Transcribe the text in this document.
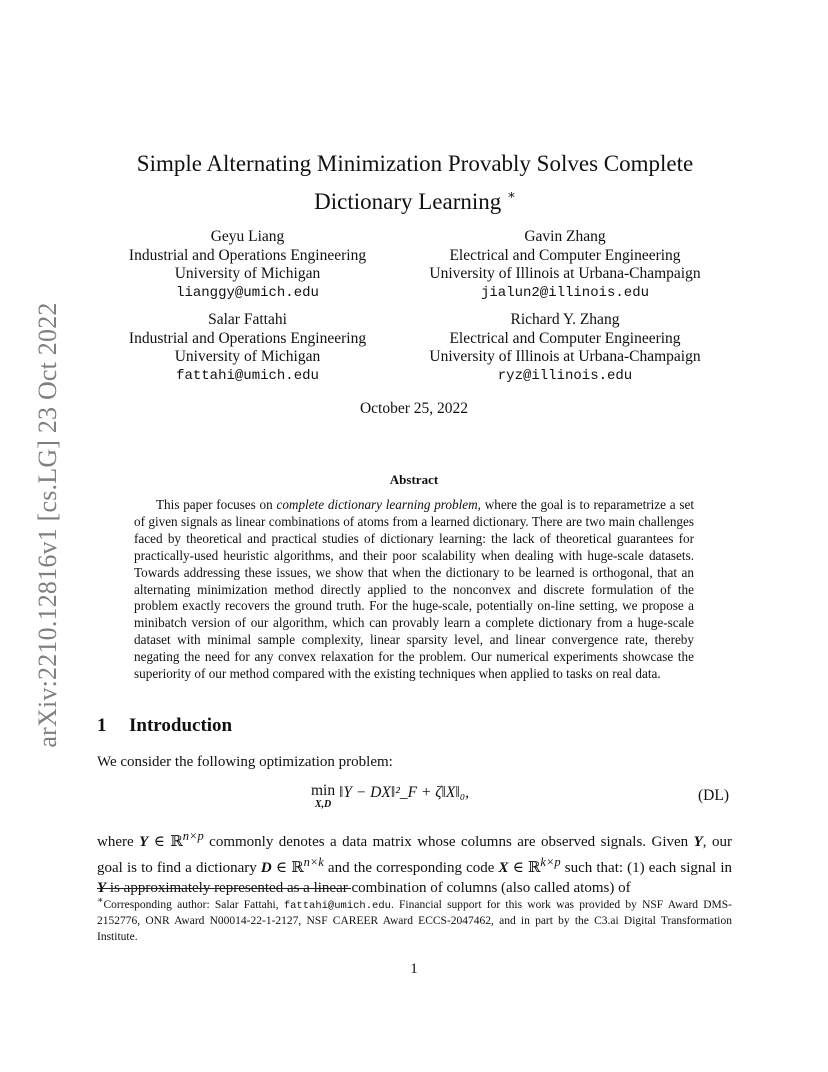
arXiv:2210.12816v1 [cs.LG] 23 Oct 2022
Simple Alternating Minimization Provably Solves Complete
Dictionary Learning ∗
Geyu Liang
Industrial and Operations Engineering
University of Michigan
lianggy@umich.edu
Gavin Zhang
Electrical and Computer Engineering
University of Illinois at Urbana-Champaign
jialun2@illinois.edu
Salar Fattahi
Industrial and Operations Engineering
University of Michigan
fattahi@umich.edu
Richard Y. Zhang
Electrical and Computer Engineering
University of Illinois at Urbana-Champaign
ryz@illinois.edu
October 25, 2022
Abstract

This paper focuses on complete dictionary learning problem, where the goal is to reparametrize a set of given signals as linear combinations of atoms from a learned dictionary. There are two main challenges faced by theoretical and practical studies of dictionary learning: the lack of theoretical guarantees for practically-used heuristic algorithms, and their poor scalability when dealing with huge-scale datasets. Towards addressing these issues, we show that when the dictionary to be learned is orthogonal, that an alternating minimization method directly applied to the nonconvex and discrete formulation of the problem exactly recovers the ground truth. For the huge-scale, potentially on-line setting, we propose a minibatch version of our algorithm, which can provably learn a complete dictionary from a huge-scale dataset with minimal sample complexity, linear sparsity level, and linear convergence rate, thereby negating the need for any convex relaxation for the problem. Our numerical experiments showcase the superiority of our method compared with the existing techniques when applied to tasks on real data.

1 Introduction

We consider the following optimization problem:

min
X,D
‖Y − DX‖²_F + ζ‖X‖₀,	(DL)

where Y ∈ ℝ$^{n\times p}$ commonly denotes a data matrix whose columns are observed signals. Given Y, our goal is to find a dictionary D ∈ ℝ$^{n\times k}$ and the corresponding code X ∈ ℝ$^{k\times p}$ such that: (1) each signal in Y is approximately represented as a linear combination of columns (also called atoms) of

∗Corresponding author: Salar Fattahi, fattahi@umich.edu. Financial support for this work was provided by NSF Award DMS-2152776, ONR Award N00014-22-1-2127, NSF CAREER Award ECCS-2047462, and in part by the C3.ai Digital Transformation Institute.

1
